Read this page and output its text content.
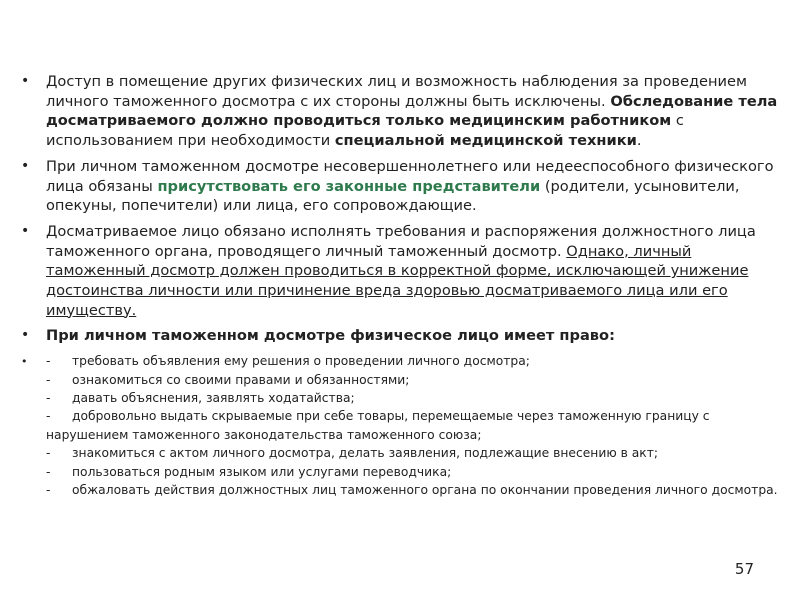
• Доступ в помещение других физических лиц и возможность наблюдения за проведением личного таможенного досмотра с их стороны должны быть исключены. Обследование тела досматриваемого должно проводиться только медицинским работником с использованием при необходимости специальной медицинской техники.
• При личном таможенном досмотре несовершеннолетнего или недееспособного физического лица обязаны присутствовать его законные представители (родители, усыновители, опекуны, попечители) или лица, его сопровождающие.
• Досматриваемое лицо обязано исполнять требования и распоряжения должностного лица таможенного органа, проводящего личный таможенный досмотр. Однако, личный таможенный досмотр должен проводиться в корректной форме, исключающей унижение достоинства личности или причинение вреда здоровью досматриваемого лица или его имуществу.
• При личном таможенном досмотре физическое лицо имеет право:
• - требовать объявления ему решения о проведении личного досмотра;
- ознакомиться со своими правами и обязанностями;
- давать объяснения, заявлять ходатайства;
- добровольно выдать скрываемые при себе товары, перемещаемые через таможенную границу с нарушением таможенного законодательства таможенного союза;
- знакомиться с актом личного досмотра, делать заявления, подлежащие внесению в акт;
- пользоваться родным языком или услугами переводчика;
- обжаловать действия должностных лиц таможенного органа по окончании проведения личного досмотра.
57
